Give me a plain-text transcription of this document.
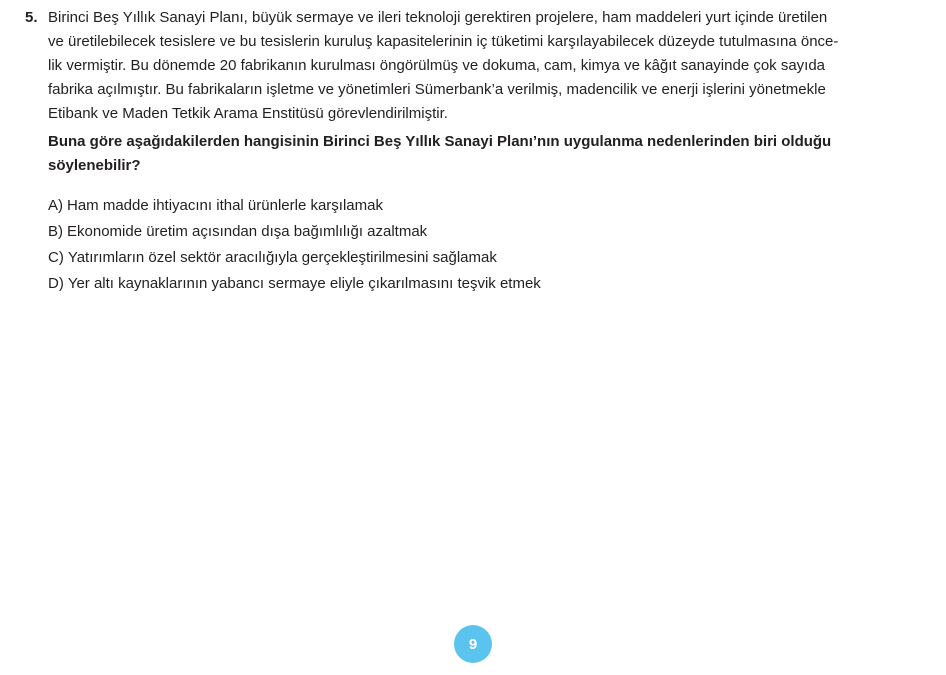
5. Birinci Beş Yıllık Sanayi Planı, büyük sermaye ve ileri teknoloji gerektiren projelere, ham maddeleri yurt içinde üretilen
ve üretilebilecek tesislere ve bu tesislerin kuruluş kapasitelerinin iç tüketimi karşılayabilecek düzeyde tutulmasına önce-
lik vermiştir. Bu dönemde 20 fabrikanın kurulması öngörülmüş ve dokuma, cam, kimya ve kâğıt sanayinde çok sayıda
fabrika açılmıştır. Bu fabrikaların işletme ve yönetimleri Sümerbank’a verilmiş, madencilik ve enerji işlerini yönetmekle
Etibank ve Maden Tetkik Arama Enstitüsü görevlendirilmiştir.
Buna göre aşağıdakilerden hangisinin Birinci Beş Yıllık Sanayi Planı’nın uygulanma nedenlerinden biri olduğu
söylenebilir?
A) Ham madde ihtiyacını ithal ürünlerle karşılamak
B) Ekonomide üretim açısından dışa bağımlılığı azaltmak
C) Yatırımların özel sektör aracılığıyla gerçekleştirilmesini sağlamak
D) Yer altı kaynaklarının yabancı sermaye eliyle çıkarılmasını teşvik etmek
9
